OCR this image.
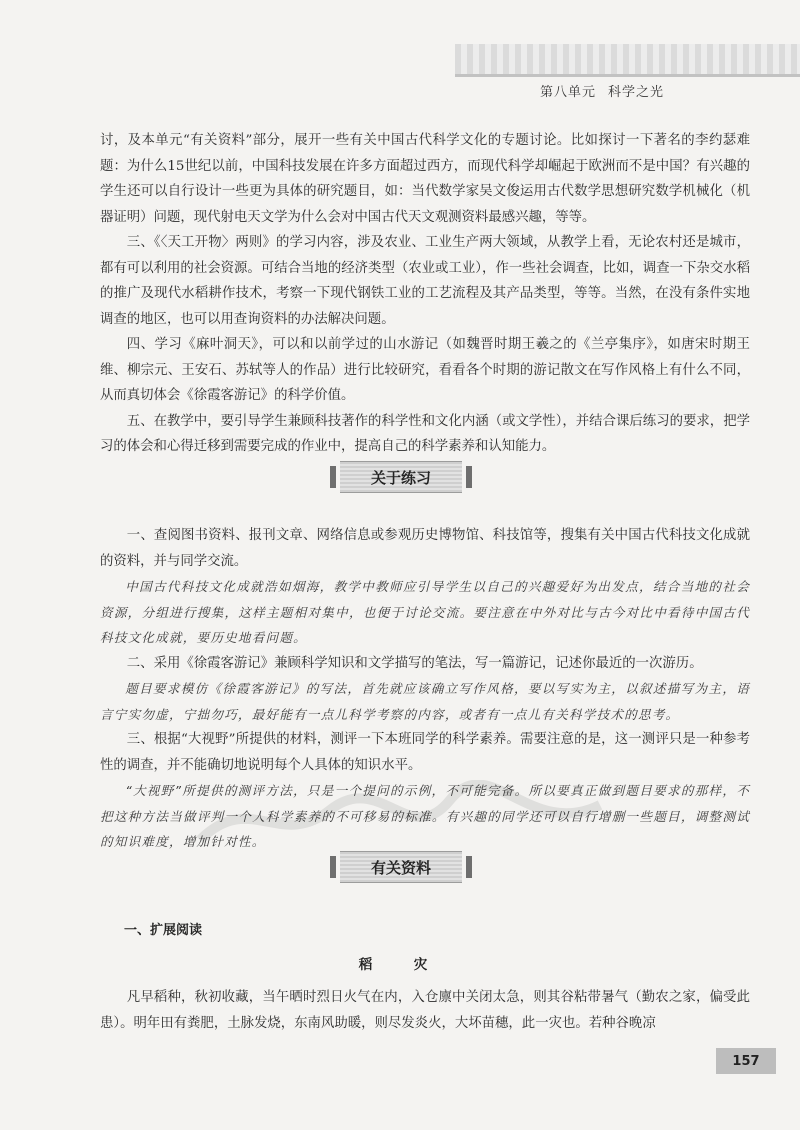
第八单元 科学之光

讨，及本单元“有关资料”部分，展开一些有关中国古代科学文化的专题讨论。比如探讨一下著名的李约瑟难题：为什么15世纪以前，中国科技发展在许多方面超过西方，而现代科学却崛起于欧洲而不是中国？有兴趣的学生还可以自行设计一些更为具体的研究题目，如：当代数学家吴文俊运用古代数学思想研究数学机械化（机器证明）问题，现代射电天文学为什么会对中国古代天文观测资料最感兴趣，等等。

三、《〈天工开物〉两则》的学习内容，涉及农业、工业生产两大领域，从教学上看，无论农村还是城市，都有可以利用的社会资源。可结合当地的经济类型（农业或工业），作一些社会调查，比如，调查一下杂交水稻的推广及现代水稻耕作技术，考察一下现代钢铁工业的工艺流程及其产品类型，等等。当然，在没有条件实地调查的地区，也可以用查询资料的办法解决问题。

四、学习《麻叶洞天》，可以和以前学过的山水游记（如魏晋时期王羲之的《兰亭集序》，如唐宋时期王维、柳宗元、王安石、苏轼等人的作品）进行比较研究，看看各个时期的游记散文在写作风格上有什么不同，从而真切体会《徐霞客游记》的科学价值。

五、在教学中，要引导学生兼顾科技著作的科学性和文化内涵（或文学性），并结合课后练习的要求，把学习的体会和心得迁移到需要完成的作业中，提高自己的科学素养和认知能力。

关于练习

一、查阅图书资料、报刊文章、网络信息或参观历史博物馆、科技馆等，搜集有关中国古代科技文化成就的资料，并与同学交流。

中国古代科技文化成就浩如烟海，教学中教师应引导学生以自己的兴趣爱好为出发点，结合当地的社会资源，分组进行搜集，这样主题相对集中，也便于讨论交流。要注意在中外对比与古今对比中看待中国古代科技文化成就，要历史地看问题。

二、采用《徐霞客游记》兼顾科学知识和文学描写的笔法，写一篇游记，记述你最近的一次游历。

题目要求模仿《徐霞客游记》的写法，首先就应该确立写作风格，要以写实为主，以叙述描写为主，语言宁实勿虚，宁拙勿巧，最好能有一点儿科学考察的内容，或者有一点儿有关科学技术的思考。

三、根据“大视野”所提供的材料，测评一下本班同学的科学素养。需要注意的是，这一测评只是一种参考性的调查，并不能确切地说明每个人具体的知识水平。

“大视野”所提供的测评方法，只是一个提问的示例，不可能完备。所以要真正做到题目要求的那样，不把这种方法当做评判一个人科学素养的不可移易的标准。有兴趣的同学还可以自行增删一些题目，调整测试的知识难度，增加针对性。

有关资料
一、扩展阅读
稻　灾

凡早稻种，秋初收藏，当午晒时烈日火气在内，入仓廪中关闭太急，则其谷粘带暑气（勤农之家，偏受此患）。明年田有粪肥，土脉发烧，东南风助暖，则尽发炎火，大坏苗穗，此一灾也。若种谷晚凉

157
